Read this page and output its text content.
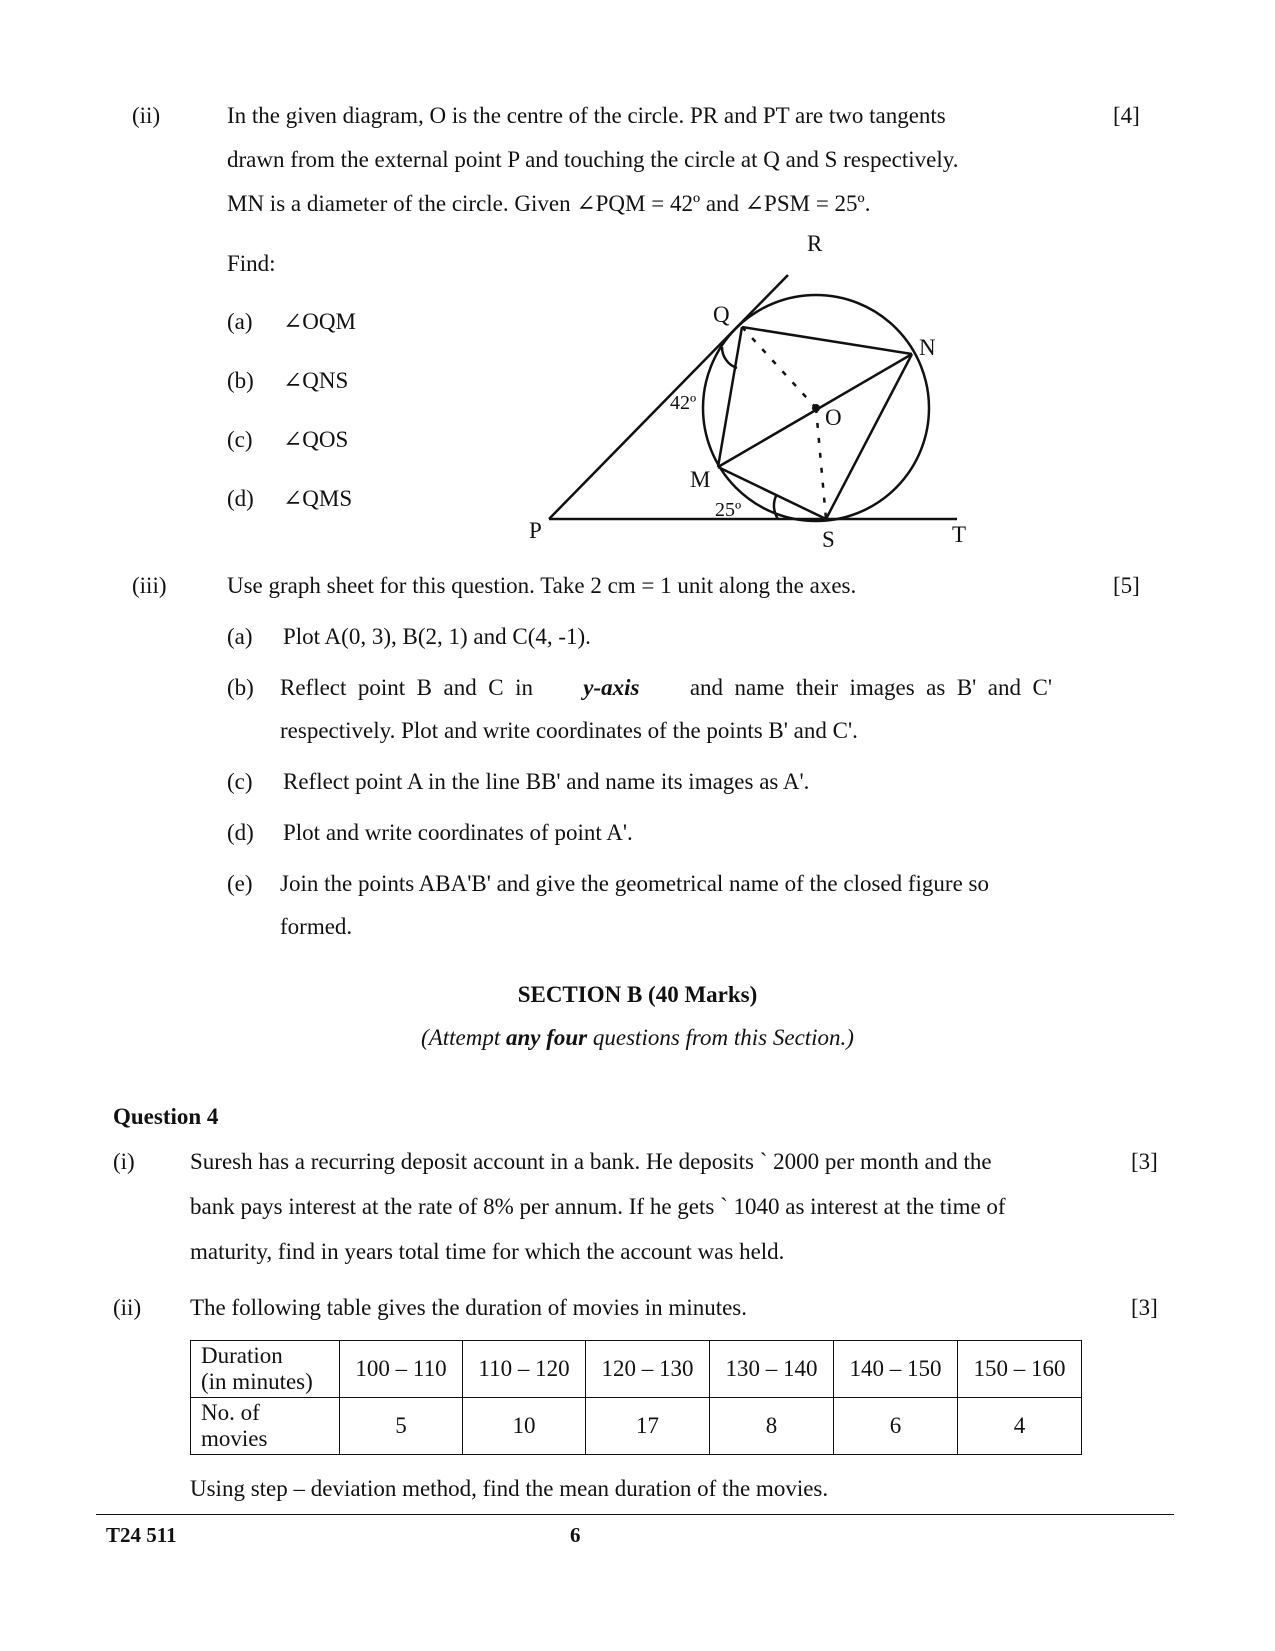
(ii)	[4]
In the given diagram, O is the centre of the circle. PR and PT are two tangents
drawn from the external point P and touching the circle at Q and S respectively.
MN is a diameter of the circle. Given ∠PQM = 42º and ∠PSM = 25º.
Find:
(a) ∠OQM
(b) ∠QNS
(c) ∠QOS
(d) ∠QMS
R
Q
N
O
M
P	S	T
42º
25º
(iii)	[5]
Use graph sheet for this question. Take 2 cm = 1 unit along the axes.
(a) Plot A(0, 3), B(2, 1) and C(4, -1).
(b) Reflect  point  B  and  C  in y-axis and  name  their  images  as  B'  and  C'
respectively. Plot and write coordinates of the points B' and C'.
(c) Reflect point A in the line BB' and name its images as A'.
(d) Plot and write coordinates of point A'.
(e) Join the points ABA'B' and give the geometrical name of the closed figure so
formed.
SECTION B (40 Marks)
(Attempt any four questions from this Section.)
Question 4
(i)	[3]
Suresh has a recurring deposit account in a bank. He deposits ` 2000 per month and the
bank pays interest at the rate of 8% per annum. If he gets ` 1040 as interest at the time of
maturity, find in years total time for which the account was held.
(ii)	[3]
The following table gives the duration of movies in minutes.
Duration
(in minutes)	100 – 110	110 – 120	120 – 130	130 – 140	140 – 150	150 – 160

No. of
movies	5	10	17	8	6	4
Using step – deviation method, find the mean duration of the movies.
T24 511	6
